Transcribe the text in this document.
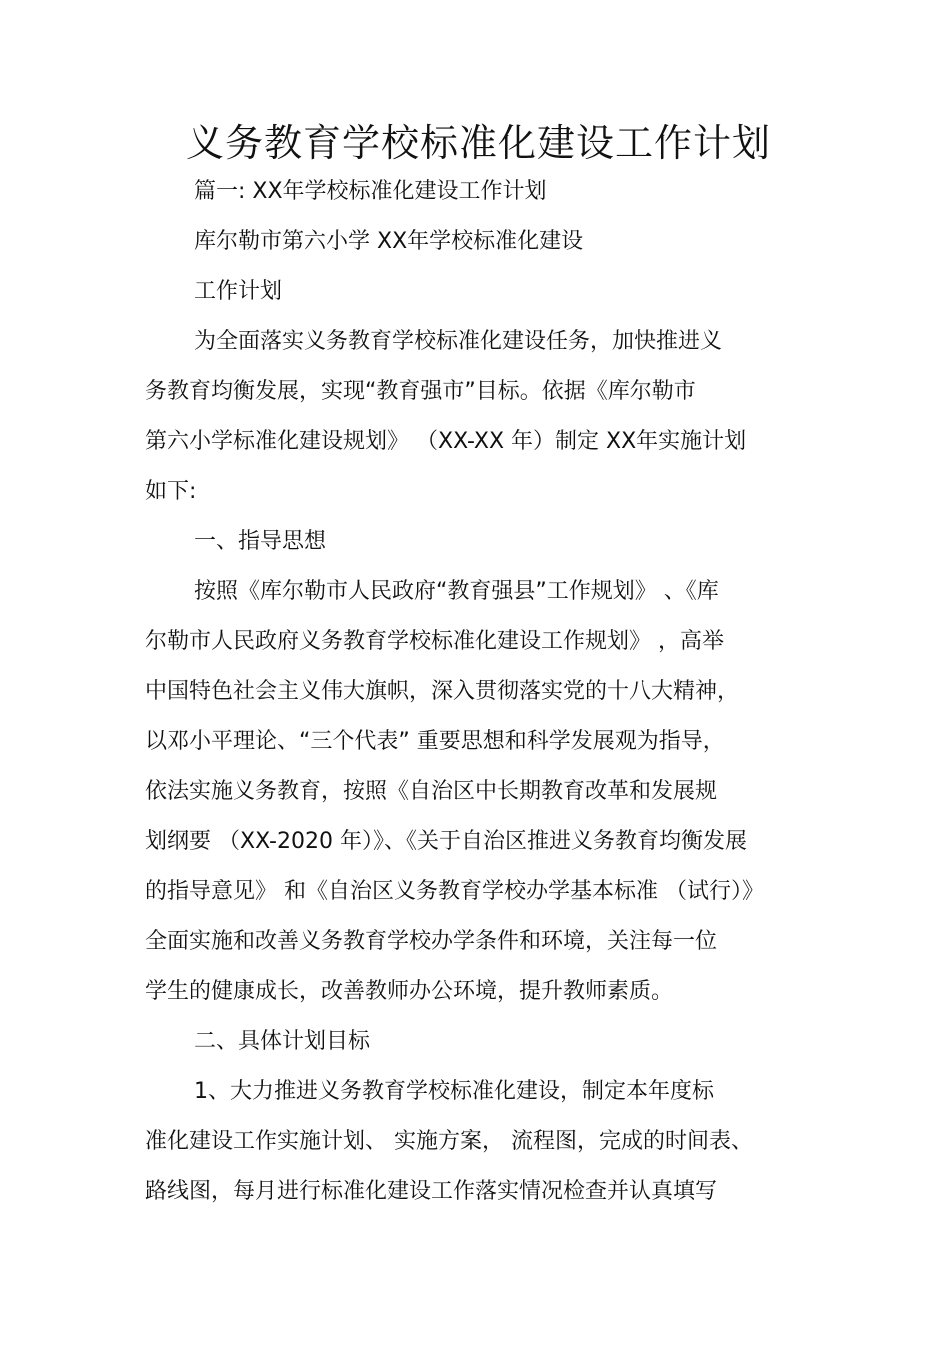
义务教育学校标准化建设工作计划

篇一: XX年学校标准化建设工作计划

库尔勒市第六小学 XX年学校标准化建设

工作计划

为全面落实义务教育学校标准化建设任务，加快推进义

务教育均衡发展，实现“教育强市”目标。依据《库尔勒市

第六小学标准化建设规划》 （XX-XX 年）制定 XX年实施计划

如下:

一、指导思想

按照《库尔勒市人民政府“教育强县”工作规划》 、《库

尔勒市人民政府义务教育学校标准化建设工作规划》 ，高举

中国特色社会主义伟大旗帜，深入贯彻落实党的十八大精神，

以邓小平理论、“三个代表” 重要思想和科学发展观为指导，

依法实施义务教育，按照《自治区中长期教育改革和发展规

划纲要 （XX-2020 年）》、《关于自治区推进义务教育均衡发展

的指导意见》 和《自治区义务教育学校办学基本标准 （试行）》

全面实施和改善义务教育学校办学条件和环境，关注每一位

学生的健康成长，改善教师办公环境，提升教师素质。

二、具体计划目标

1、大力推进义务教育学校标准化建设，制定本年度标

准化建设工作实施计划、 实施方案， 流程图，完成的时间表、

路线图，每月进行标准化建设工作落实情况检查并认真填写
